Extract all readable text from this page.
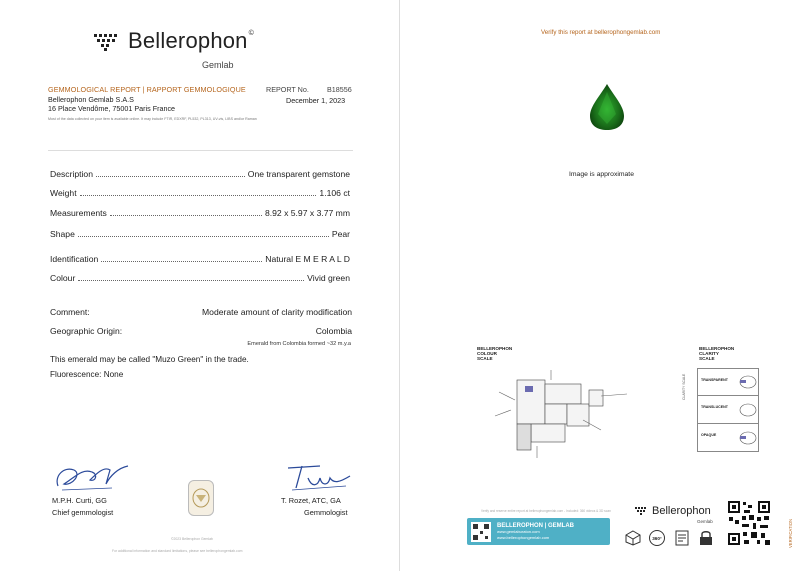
Bellerophon ©
Gemlab
GEMMOLOGICAL REPORT | RAPPORT GEMMOLOGIQUE
Bellerophon Gemlab S.A.S
16 Place Vendôme, 75001 Paris France
REPORT No.	B18556
December 1, 2023
Most of the data collected on your item is available online. It may include FTIR, EDXRF, PL532, PL313, UV-vis, LIBS and/or Raman
Description	One transparent gemstone
Weight	1.106 ct
Measurements	8.92 x 5.97 x 3.77 mm
Shape	Pear
Identification	Natural E M E R A L D
Colour	Vivid green
Comment:	Moderate amount of clarity modification
Geographic Origin:	Colombia
Emerald from Colombia formed ~32 m.y.a
This emerald may be called "Muzo Green" in the trade.
Fluorescence: None
M.P.H. Curti, GG
Chief gemmologist
T. Rozet, ATC, GA
Gemmologist
©2023 Bellerophon Gemlab
For additional information and standard limitations, please see bellerophongemlab.com
Verify this report at bellerophongemlab.com
Image is approximate
BELLEROPHON
COLOUR
SCALE
BELLEROPHON
CLARITY
SCALE
TRANSPARENT
TRANSLUCENT
OPAQUE
CLARITY SCALE
Verify and reserve entire report at bellerophongemlab.com - Included: 360 videos & 3D scan
BELLEROPHON | GEMLAB
www.gemlaburaton.com
www.bellerophongemlab.com
Bellerophon
Gemlab
360°	VERIFICATION
